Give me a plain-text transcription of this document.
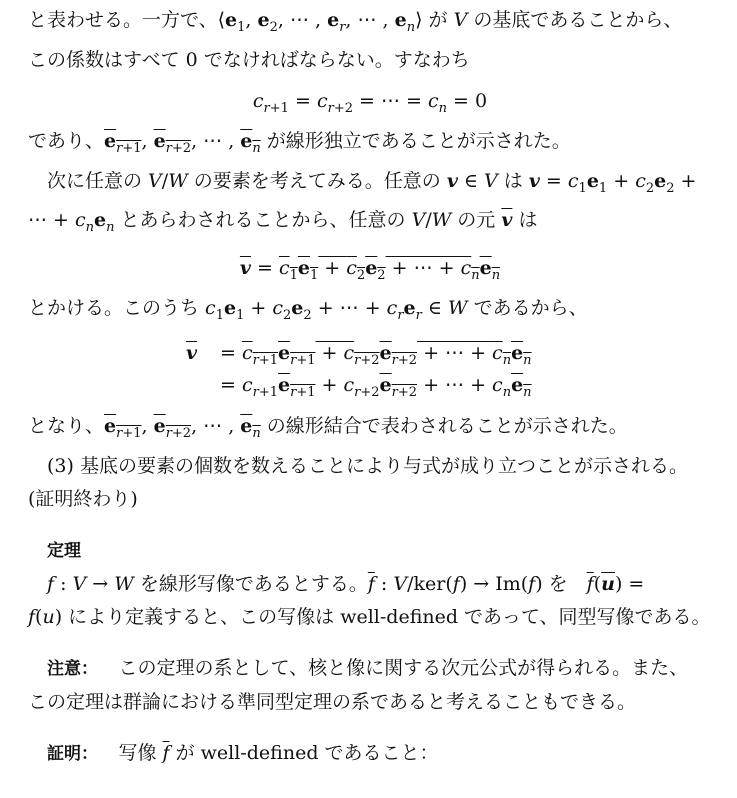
と表わせる。一方で、$⟨e_1$, $e_2$, ⋯ , $e_r$, ⋯ , $e_n⟩$ が V の基底であることから、
この係数はすべて 0 でなければならない。すなわち

$c_{r+1} = c_{r+2}$ = ⋯ = $c_n = 0$

であり、$e_{r+1}$, $e_{r+2}$, ⋯ , $e_n$ が線形独立であることが示された。

次に任意の V/W の要素を考えてみる。任意の v ∈ V は $v = c_1e_1 + c_2e_2$ +
⋯ + $c_ne_n$ とあらわされることから、任意の V/W の元 $\overline{v}$ は

$\overline{v} = c_1e_1 + c_2e_2$ + ⋯ + $c_ne_n$

とかける。このうち $c_1e_1 + c_2e_2$ + ⋯ + $c_re_r$ ∈ W であるから、

$\overline{v} = c_{r+1}e_{r+1} + c_{r+2}e_{r+2}$ + ⋯ + $c_ne_n$
= $c_{r+1}e_{r+1} + c_{r+2}e_{r+2}$ + ⋯ + $c_ne_n$

となり、$e_{r+1}$, $e_{r+2}$, ⋯ , $e_n$ の線形結合で表わされることが示された。

(3) 基底の要素の個数を数えることにより与式が成り立つことが示される。

(証明終わり)

定理

f : V → W を線形写像であるとする。$\overline{f}$ : V/ker(f) → Im(f) を　$\overline{f}(\overline{u})$ =
f(u) により定義すると、この写像は well-defined であって、同型写像である。

注意：　この定理の系として、核と像に関する次元公式が得られる。また、
この定理は群論における準同型定理の系であると考えることもできる。

証明：　写像 $\overline{f}$ が well-defined であること：
